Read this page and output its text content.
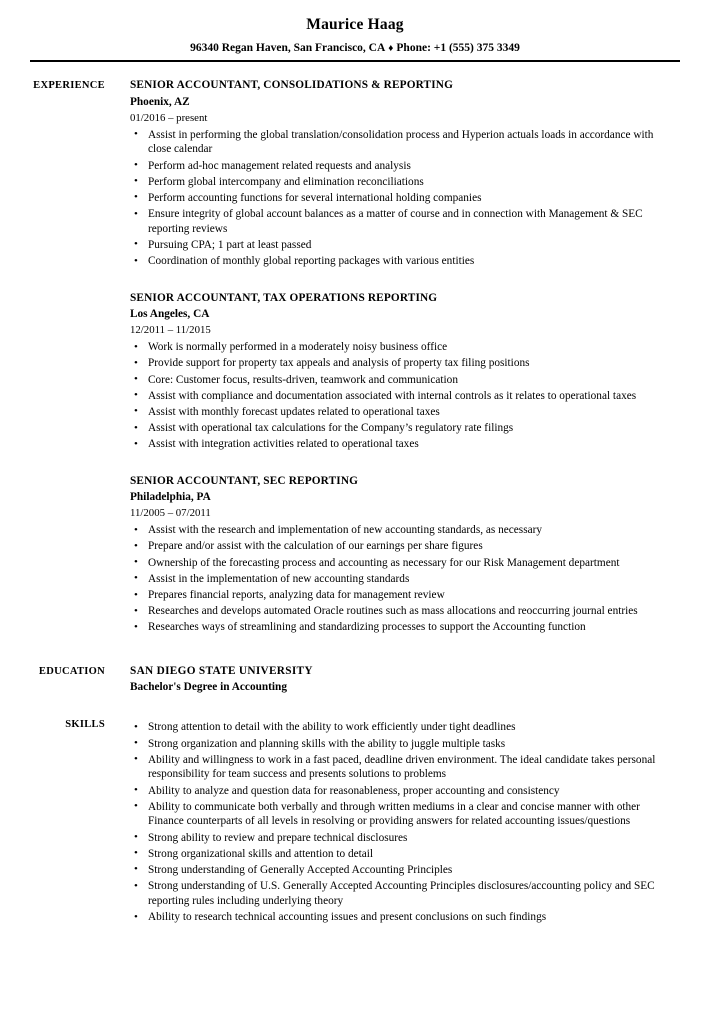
Maurice Haag
96340 Regan Haven, San Francisco, CA ♦ Phone: +1 (555) 375 3349
EXPERIENCE SENIOR ACCOUNTANT, CONSOLIDATIONS & REPORTING
Phoenix, AZ
01/2016 – present
• Assist in performing the global translation/consolidation process and Hyperion actuals loads in accordance with close calendar
• Perform ad-hoc management related requests and analysis
• Perform global intercompany and elimination reconciliations
• Perform accounting functions for several international holding companies
• Ensure integrity of global account balances as a matter of course and in connection with Management & SEC reporting reviews
• Pursuing CPA; 1 part at least passed
• Coordination of monthly global reporting packages with various entities
SENIOR ACCOUNTANT, TAX OPERATIONS REPORTING
Los Angeles, CA
12/2011 – 11/2015
• Work is normally performed in a moderately noisy business office
• Provide support for property tax appeals and analysis of property tax filing positions
• Core: Customer focus, results-driven, teamwork and communication
• Assist with compliance and documentation associated with internal controls as it relates to operational taxes
• Assist with monthly forecast updates related to operational taxes
• Assist with operational tax calculations for the Company’s regulatory rate filings
• Assist with integration activities related to operational taxes
SENIOR ACCOUNTANT, SEC REPORTING
Philadelphia, PA
11/2005 – 07/2011
• Assist with the research and implementation of new accounting standards, as necessary
• Prepare and/or assist with the calculation of our earnings per share figures
• Ownership of the forecasting process and accounting as necessary for our Risk Management department
• Assist in the implementation of new accounting standards
• Prepares financial reports, analyzing data for management review
• Researches and develops automated Oracle routines such as mass allocations and reoccurring journal entries
• Researches ways of streamlining and standardizing processes to support the Accounting function
EDUCATION SAN DIEGO STATE UNIVERSITY
Bachelor's Degree in Accounting
SKILLS	• Strong attention to detail with the ability to work efficiently under tight deadlines
• Strong organization and planning skills with the ability to juggle multiple tasks
• Ability and willingness to work in a fast paced, deadline driven environment. The ideal candidate takes personal responsibility for team success and presents solutions to problems
• Ability to analyze and question data for reasonableness, proper accounting and consistency
• Ability to communicate both verbally and through written mediums in a clear and concise manner with other Finance counterparts of all levels in resolving or providing answers for related accounting issues/questions
• Strong ability to review and prepare technical disclosures
• Strong organizational skills and attention to detail
• Strong understanding of Generally Accepted Accounting Principles
• Strong understanding of U.S. Generally Accepted Accounting Principles disclosures/accounting policy and SEC reporting rules including underlying theory
• Ability to research technical accounting issues and present conclusions on such findings
